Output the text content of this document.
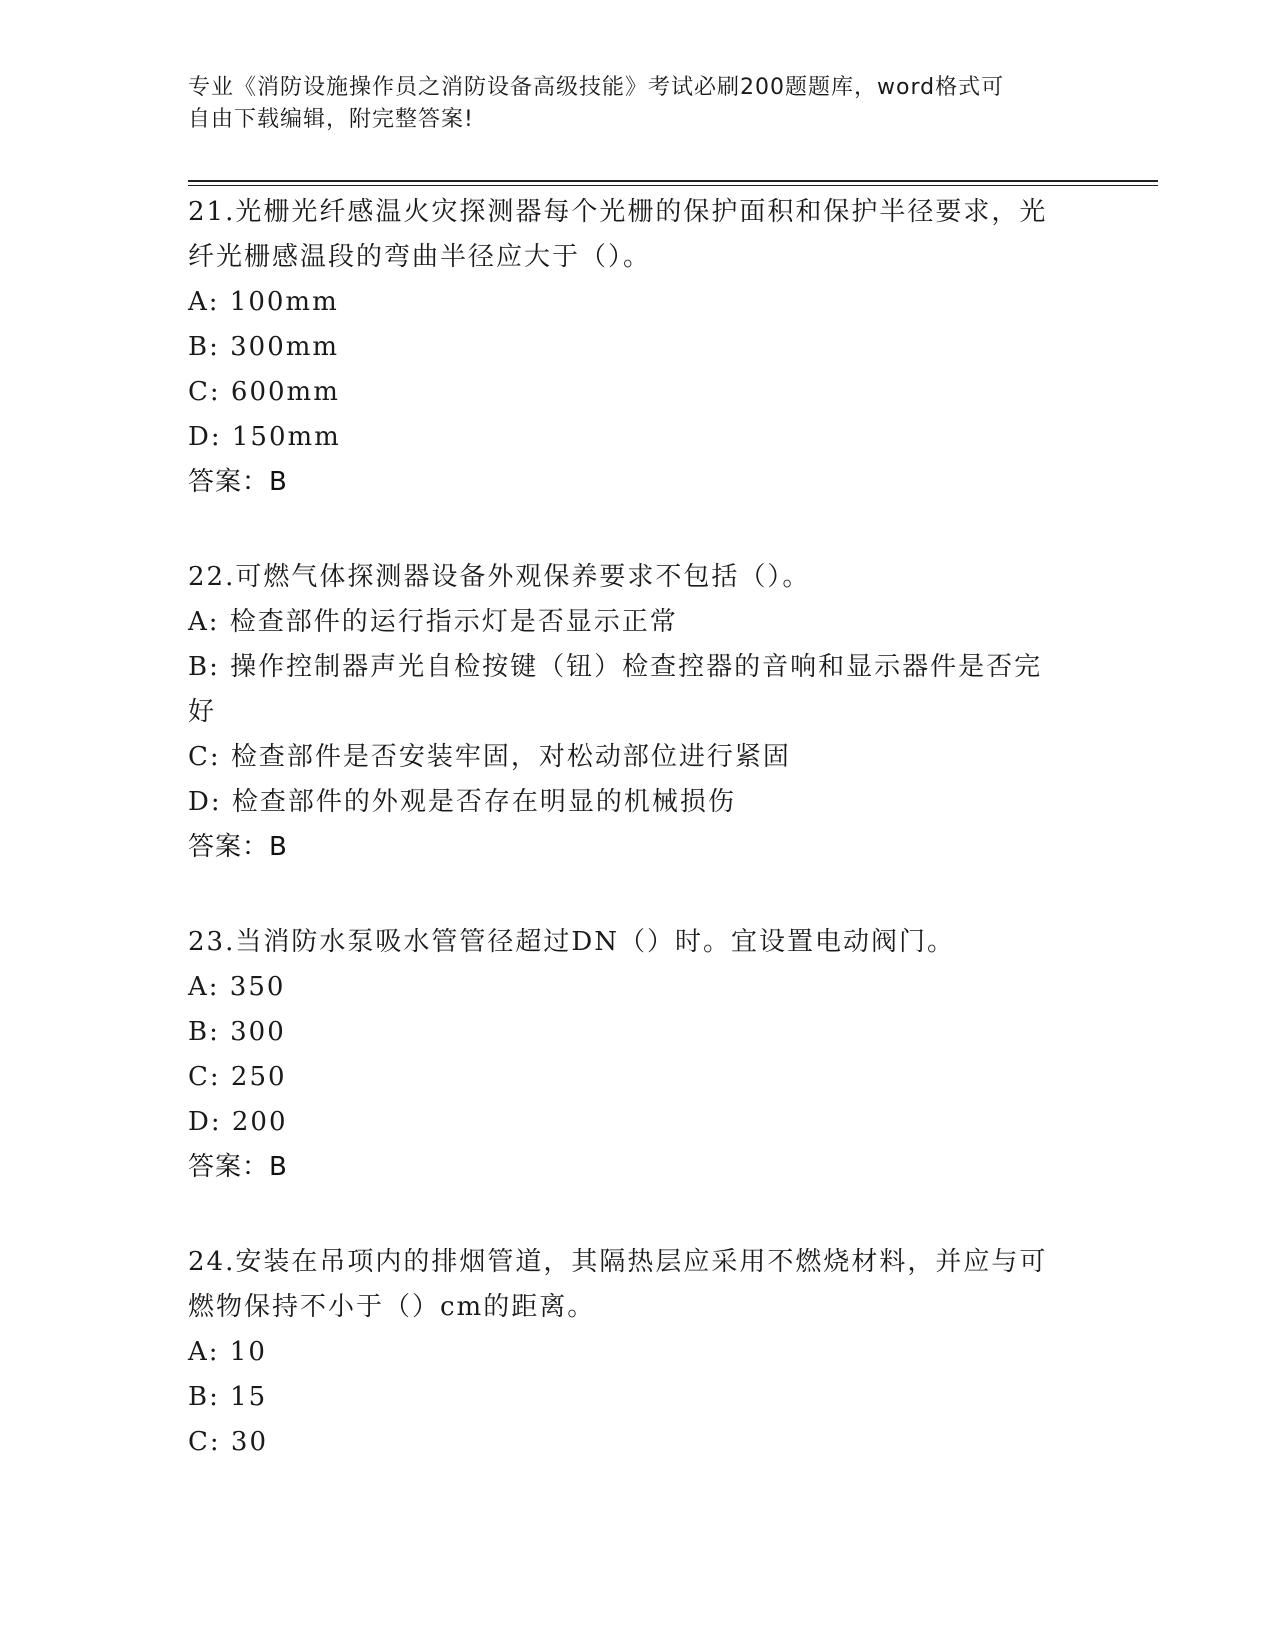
专业《消防设施操作员之消防设备高级技能》考试必刷200题题库，word格式可
自由下载编辑，附完整答案!
21.光栅光纤感温火灾探测器每个光栅的保护面积和保护半径要求，光
纤光栅感温段的弯曲半径应大于（）。
A: 100mm
B: 300mm
C: 600mm
D: 150mm
答案：B
22.可燃气体探测器设备外观保养要求不包括（）。
A: 检查部件的运行指示灯是否显示正常
B: 操作控制器声光自检按键（钮）检查控器的音响和显示器件是否完
好
C: 检查部件是否安装牢固，对松动部位进行紧固
D: 检查部件的外观是否存在明显的机械损伤
答案：B
23.当消防水泵吸水管管径超过DN（）时。宜设置电动阀门。
A: 350
B: 300
C: 250
D: 200
答案：B
24.安装在吊项内的排烟管道，其隔热层应采用不燃烧材料，并应与可
燃物保持不小于（）cm的距离。
A: 10
B: 15
C: 30
